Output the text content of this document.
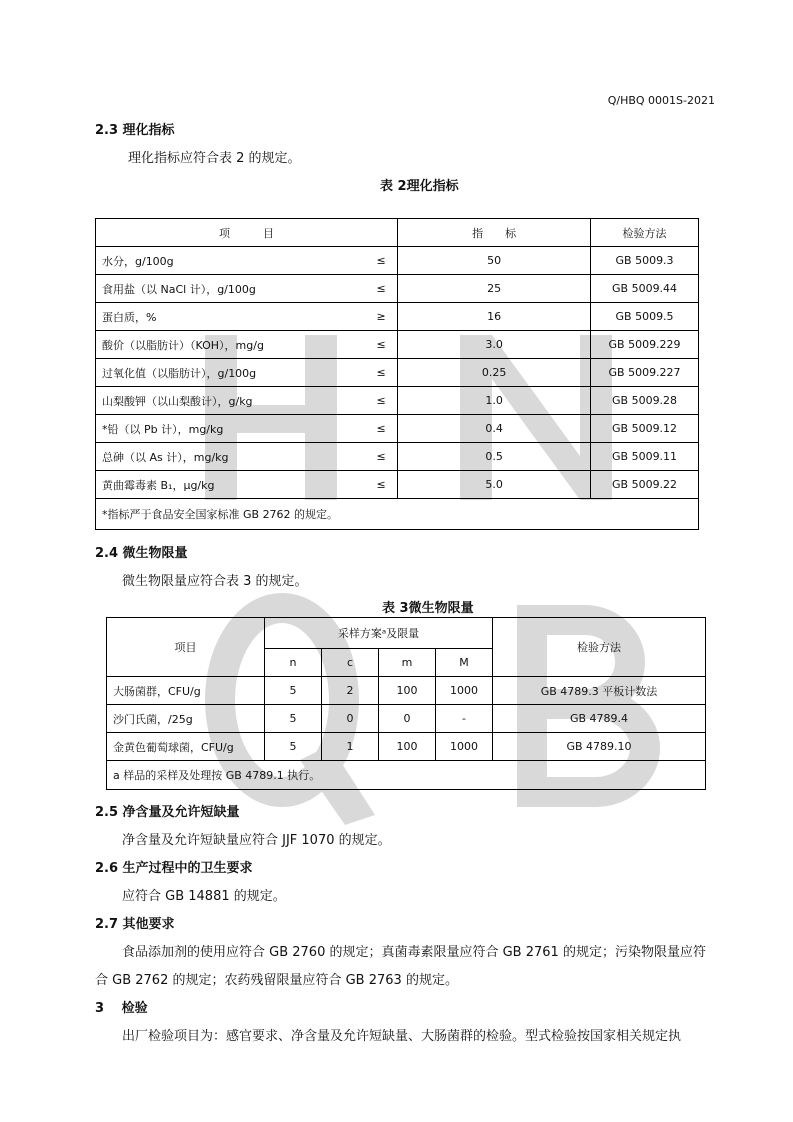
Q/HBQ 0001S-2021
2.3 理化指标
理化指标应符合表 2 的规定。
表 2理化指标
项　　　目		指　　标	检验方法
水分，g/100g	≤	50	GB 5009.3
食用盐（以 NaCl 计），g/100g	≤	25	GB 5009.44
蛋白质，%	≥	16	GB 5009.5
酸价（以脂肪计）（KOH），mg/g	≤	3.0	GB 5009.229
过氧化值（以脂肪计），g/100g	≤	0.25	GB 5009.227
山梨酸钾（以山梨酸计），g/kg	≤	1.0	GB 5009.28
*铅（以 Pb 计），mg/kg	≤	0.4	GB 5009.12
总砷（以 As 计），mg/kg	≤	0.5	GB 5009.11
黄曲霉毒素 B₁，μg/kg	≤	5.0	GB 5009.22
*指标严于食品安全国家标准 GB 2762 的规定。			
2.4 微生物限量
微生物限量应符合表 3 的规定。
表 3微生物限量
项目	采样方案ᵃ及限量				检验方法
	n	c	m	M	
大肠菌群，CFU/g	5	2	100	1000	GB 4789.3 平板计数法
沙门氏菌，/25g	5	0	0	-	GB 4789.4
金黄色葡萄球菌，CFU/g	5	1	100	1000	GB 4789.10
a 样品的采样及处理按 GB 4789.1 执行。					
2.5 净含量及允许短缺量
净含量及允许短缺量应符合 JJF 1070 的规定。
2.6 生产过程中的卫生要求
应符合 GB 14881 的规定。
2.7 其他要求
食品添加剂的使用应符合 GB 2760 的规定；真菌毒素限量应符合 GB 2761 的规定；污染物限量应符
合 GB 2762 的规定；农药残留限量应符合 GB 2763 的规定。
3　 检验
出厂检验项目为：感官要求、净含量及允许短缺量、大肠菌群的检验。型式检验按国家相关规定执
